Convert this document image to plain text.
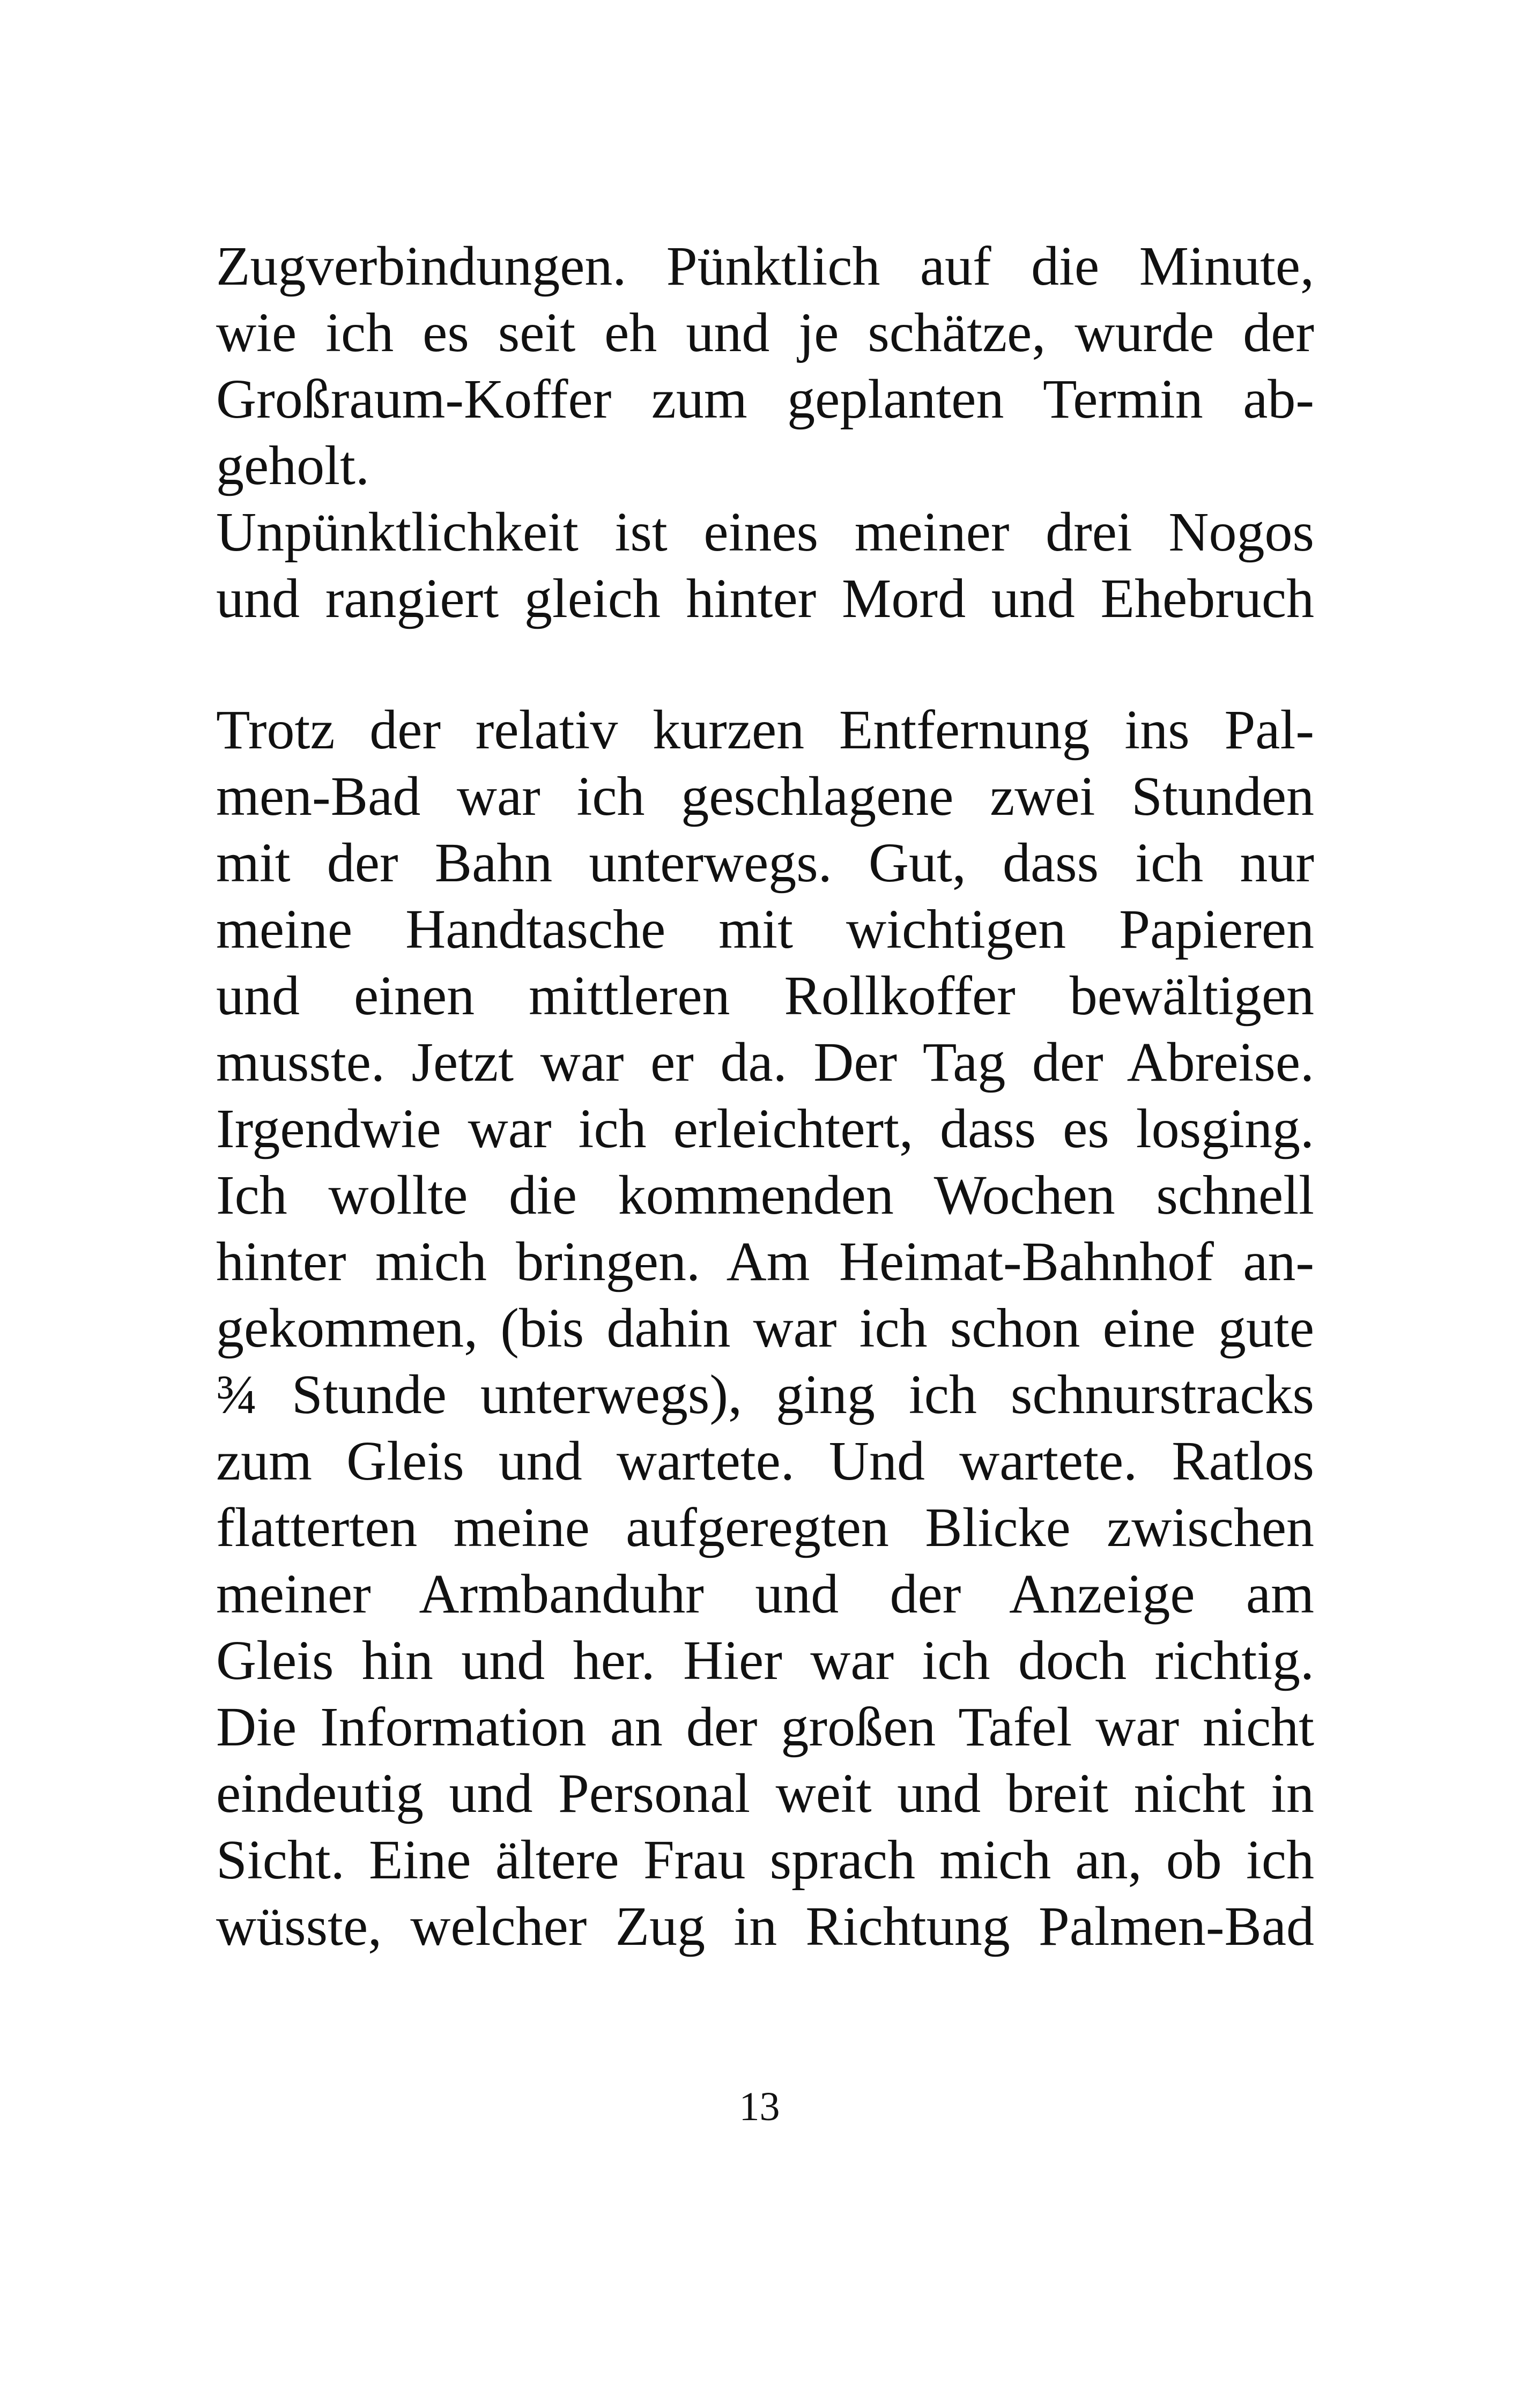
Zugverbindungen. Pünktlich auf die Minute,
wie ich es seit eh und je schätze, wurde der
Großraum-Koffer zum geplanten Termin ab-
geholt.
Unpünktlichkeit ist eines meiner drei Nogos
und rangiert gleich hinter Mord und Ehebruch
Trotz der relativ kurzen Entfernung ins Pal-
men-Bad war ich geschlagene zwei Stunden
mit der Bahn unterwegs. Gut, dass ich nur
meine Handtasche mit wichtigen Papieren
und einen mittleren Rollkoffer bewältigen
musste. Jetzt war er da. Der Tag der Abreise.
Irgendwie war ich erleichtert, dass es losging.
Ich wollte die kommenden Wochen schnell
hinter mich bringen. Am Heimat-Bahnhof an-
gekommen, (bis dahin war ich schon eine gute
¾ Stunde unterwegs), ging ich schnurstracks
zum Gleis und wartete. Und wartete. Ratlos
flatterten meine aufgeregten Blicke zwischen
meiner Armbanduhr und der Anzeige am
Gleis hin und her. Hier war ich doch richtig.
Die Information an der großen Tafel war nicht
eindeutig und Personal weit und breit nicht in
Sicht. Eine ältere Frau sprach mich an, ob ich
wüsste, welcher Zug in Richtung Palmen-Bad
13
